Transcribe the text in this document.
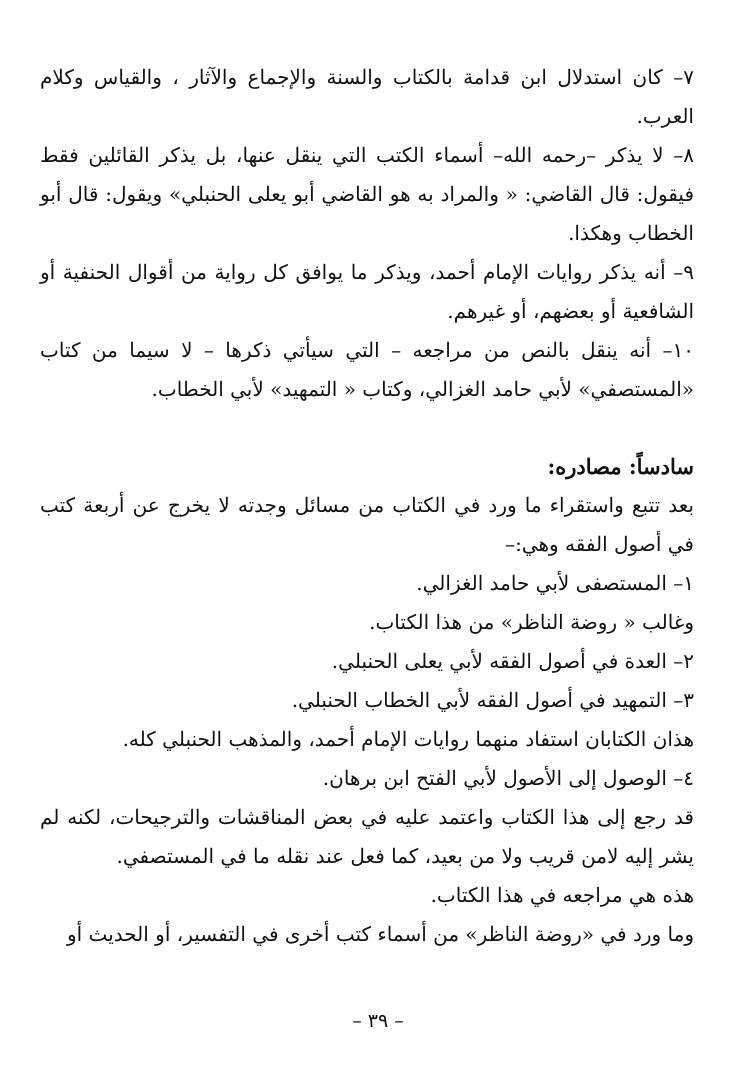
٧– كان استدلال ابن قدامة بالكتاب والسنة والإجماع والآثار ، والقياس وكلام العرب.

٨– لا يذكر –رحمه الله– أسماء الكتب التي ينقل عنها، بل يذكر القائلين فقط فيقول: قال القاضي: « والمراد به هو القاضي أبو يعلى الحنبلي» ويقول: قال أبو الخطاب وهكذا.

٩– أنه يذكر روايات الإمام أحمد، ويذكر ما يوافق كل رواية من أقوال الحنفية أو الشافعية أو بعضهم، أو غيرهم.

١٠– أنه ينقل بالنص من مراجعه – التي سيأتي ذكرها – لا سيما من كتاب «المستصفي» لأبي حامد الغزالي، وكتاب « التمهيد» لأبي الخطاب.

سادساً: مصادره:

بعد تتبع واستقراء ما ورد في الكتاب من مسائل وجدته لا يخرج عن أربعة كتب في أصول الفقه وهي:–

١– المستصفى لأبي حامد الغزالي.

وغالب « روضة الناظر» من هذا الكتاب.

٢– العدة في أصول الفقه لأبي يعلى الحنبلي.

٣– التمهيد في أصول الفقه لأبي الخطاب الحنبلي.

هذان الكتابان استفاد منهما روايات الإمام أحمد، والمذهب الحنبلي كله.

٤– الوصول إلى الأصول لأبي الفتح ابن برهان.

قد رجع إلى هذا الكتاب واعتمد عليه في بعض المناقشات والترجيحات، لكنه لم يشر إليه لامن قريب ولا من بعيد، كما فعل عند نقله ما في المستصفي.

هذه هي مراجعه في هذا الكتاب.

وما ورد في «روضة الناظر» من أسماء كتب أخرى في التفسير، أو الحديث أو

– ٣٩ –
